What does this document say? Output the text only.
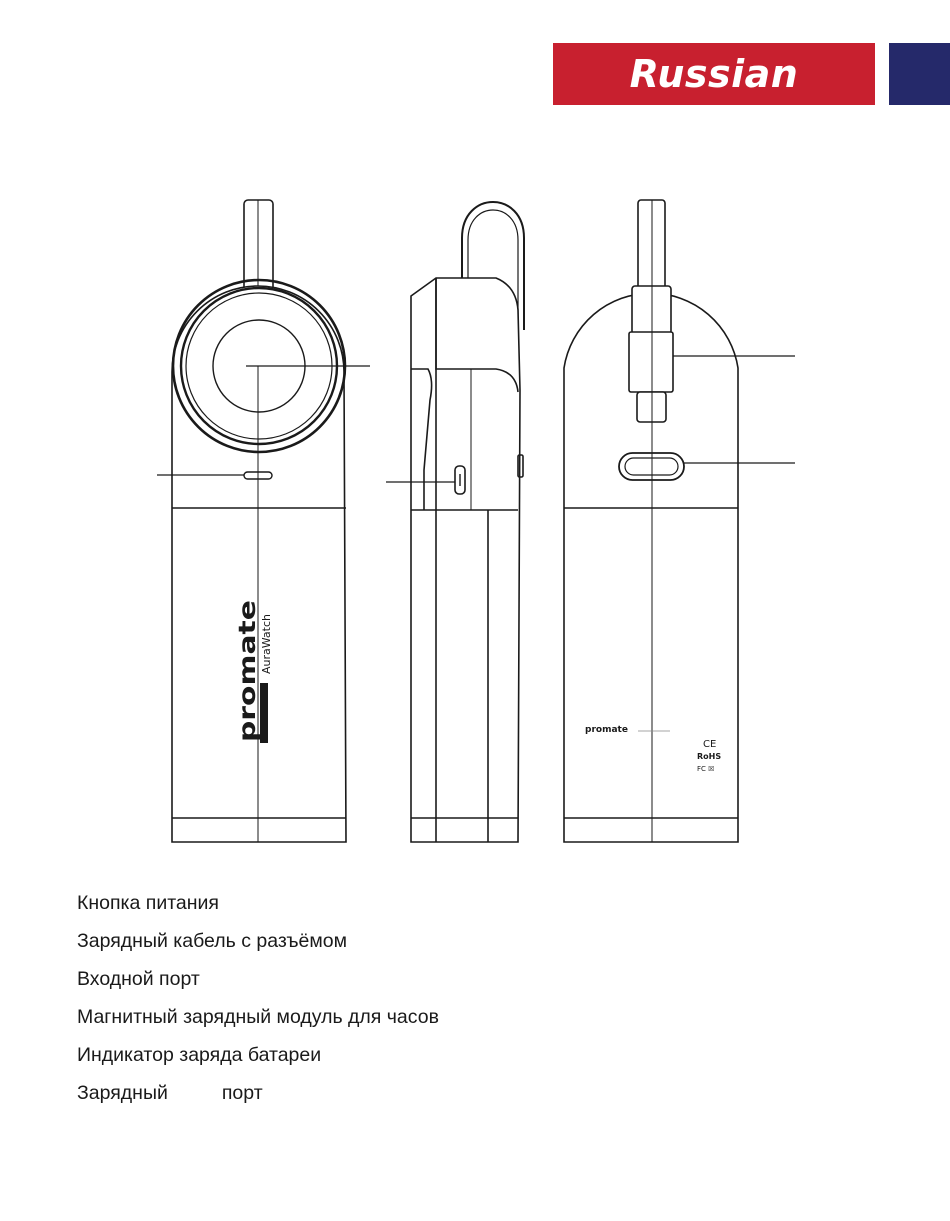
Russian
promate AuraWatch
promate
CE
RoHS
FC ☒
Кнопка питания
Зарядный кабель с разъёмом
Входной порт
Магнитный зарядный модуль для часов
Индикатор заряда батареи
Зарядный	порт
